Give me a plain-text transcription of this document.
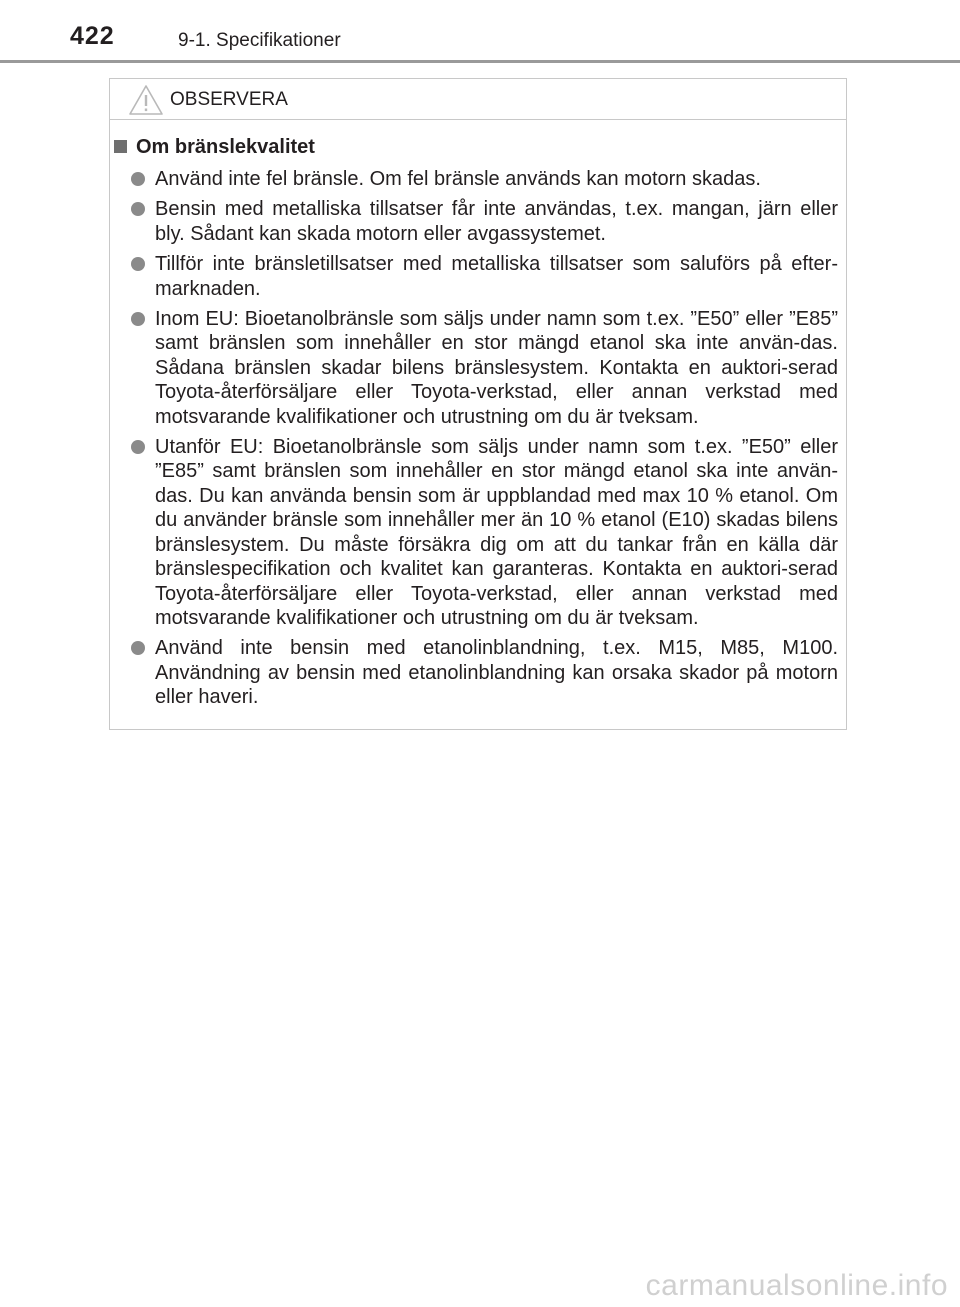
422	9-1. Specifikationer
OBSERVERA
Om bränslekvalitet
Använd inte fel bränsle. Om fel bränsle används kan motorn skadas.
Bensin med metalliska tillsatser får inte användas, t.ex. mangan, järn eller bly. Sådant kan skada motorn eller avgassystemet.
Tillför inte bränsletillsatser med metalliska tillsatser som saluförs på efter-marknaden.
Inom EU: Bioetanolbränsle som säljs under namn som t.ex. ”E50” eller ”E85” samt bränslen som innehåller en stor mängd etanol ska inte använ-das. Sådana bränslen skadar bilens bränslesystem. Kontakta en auktori-serad Toyota-återförsäljare eller Toyota-verkstad, eller annan verkstad med motsvarande kvalifikationer och utrustning om du är tveksam.
Utanför EU: Bioetanolbränsle som säljs under namn som t.ex. ”E50” eller ”E85” samt bränslen som innehåller en stor mängd etanol ska inte använ-das. Du kan använda bensin som är uppblandad med max 10 % etanol. Om du använder bränsle som innehåller mer än 10 % etanol (E10) skadas bilens bränslesystem. Du måste försäkra dig om att du tankar från en källa där bränslespecifikation och kvalitet kan garanteras. Kontakta en auktori-serad Toyota-återförsäljare eller Toyota-verkstad, eller annan verkstad med motsvarande kvalifikationer och utrustning om du är tveksam.
Använd inte bensin med etanolinblandning, t.ex. M15, M85, M100. Användning av bensin med etanolinblandning kan orsaka skador på motorn eller haveri.
carmanualsonline.info
